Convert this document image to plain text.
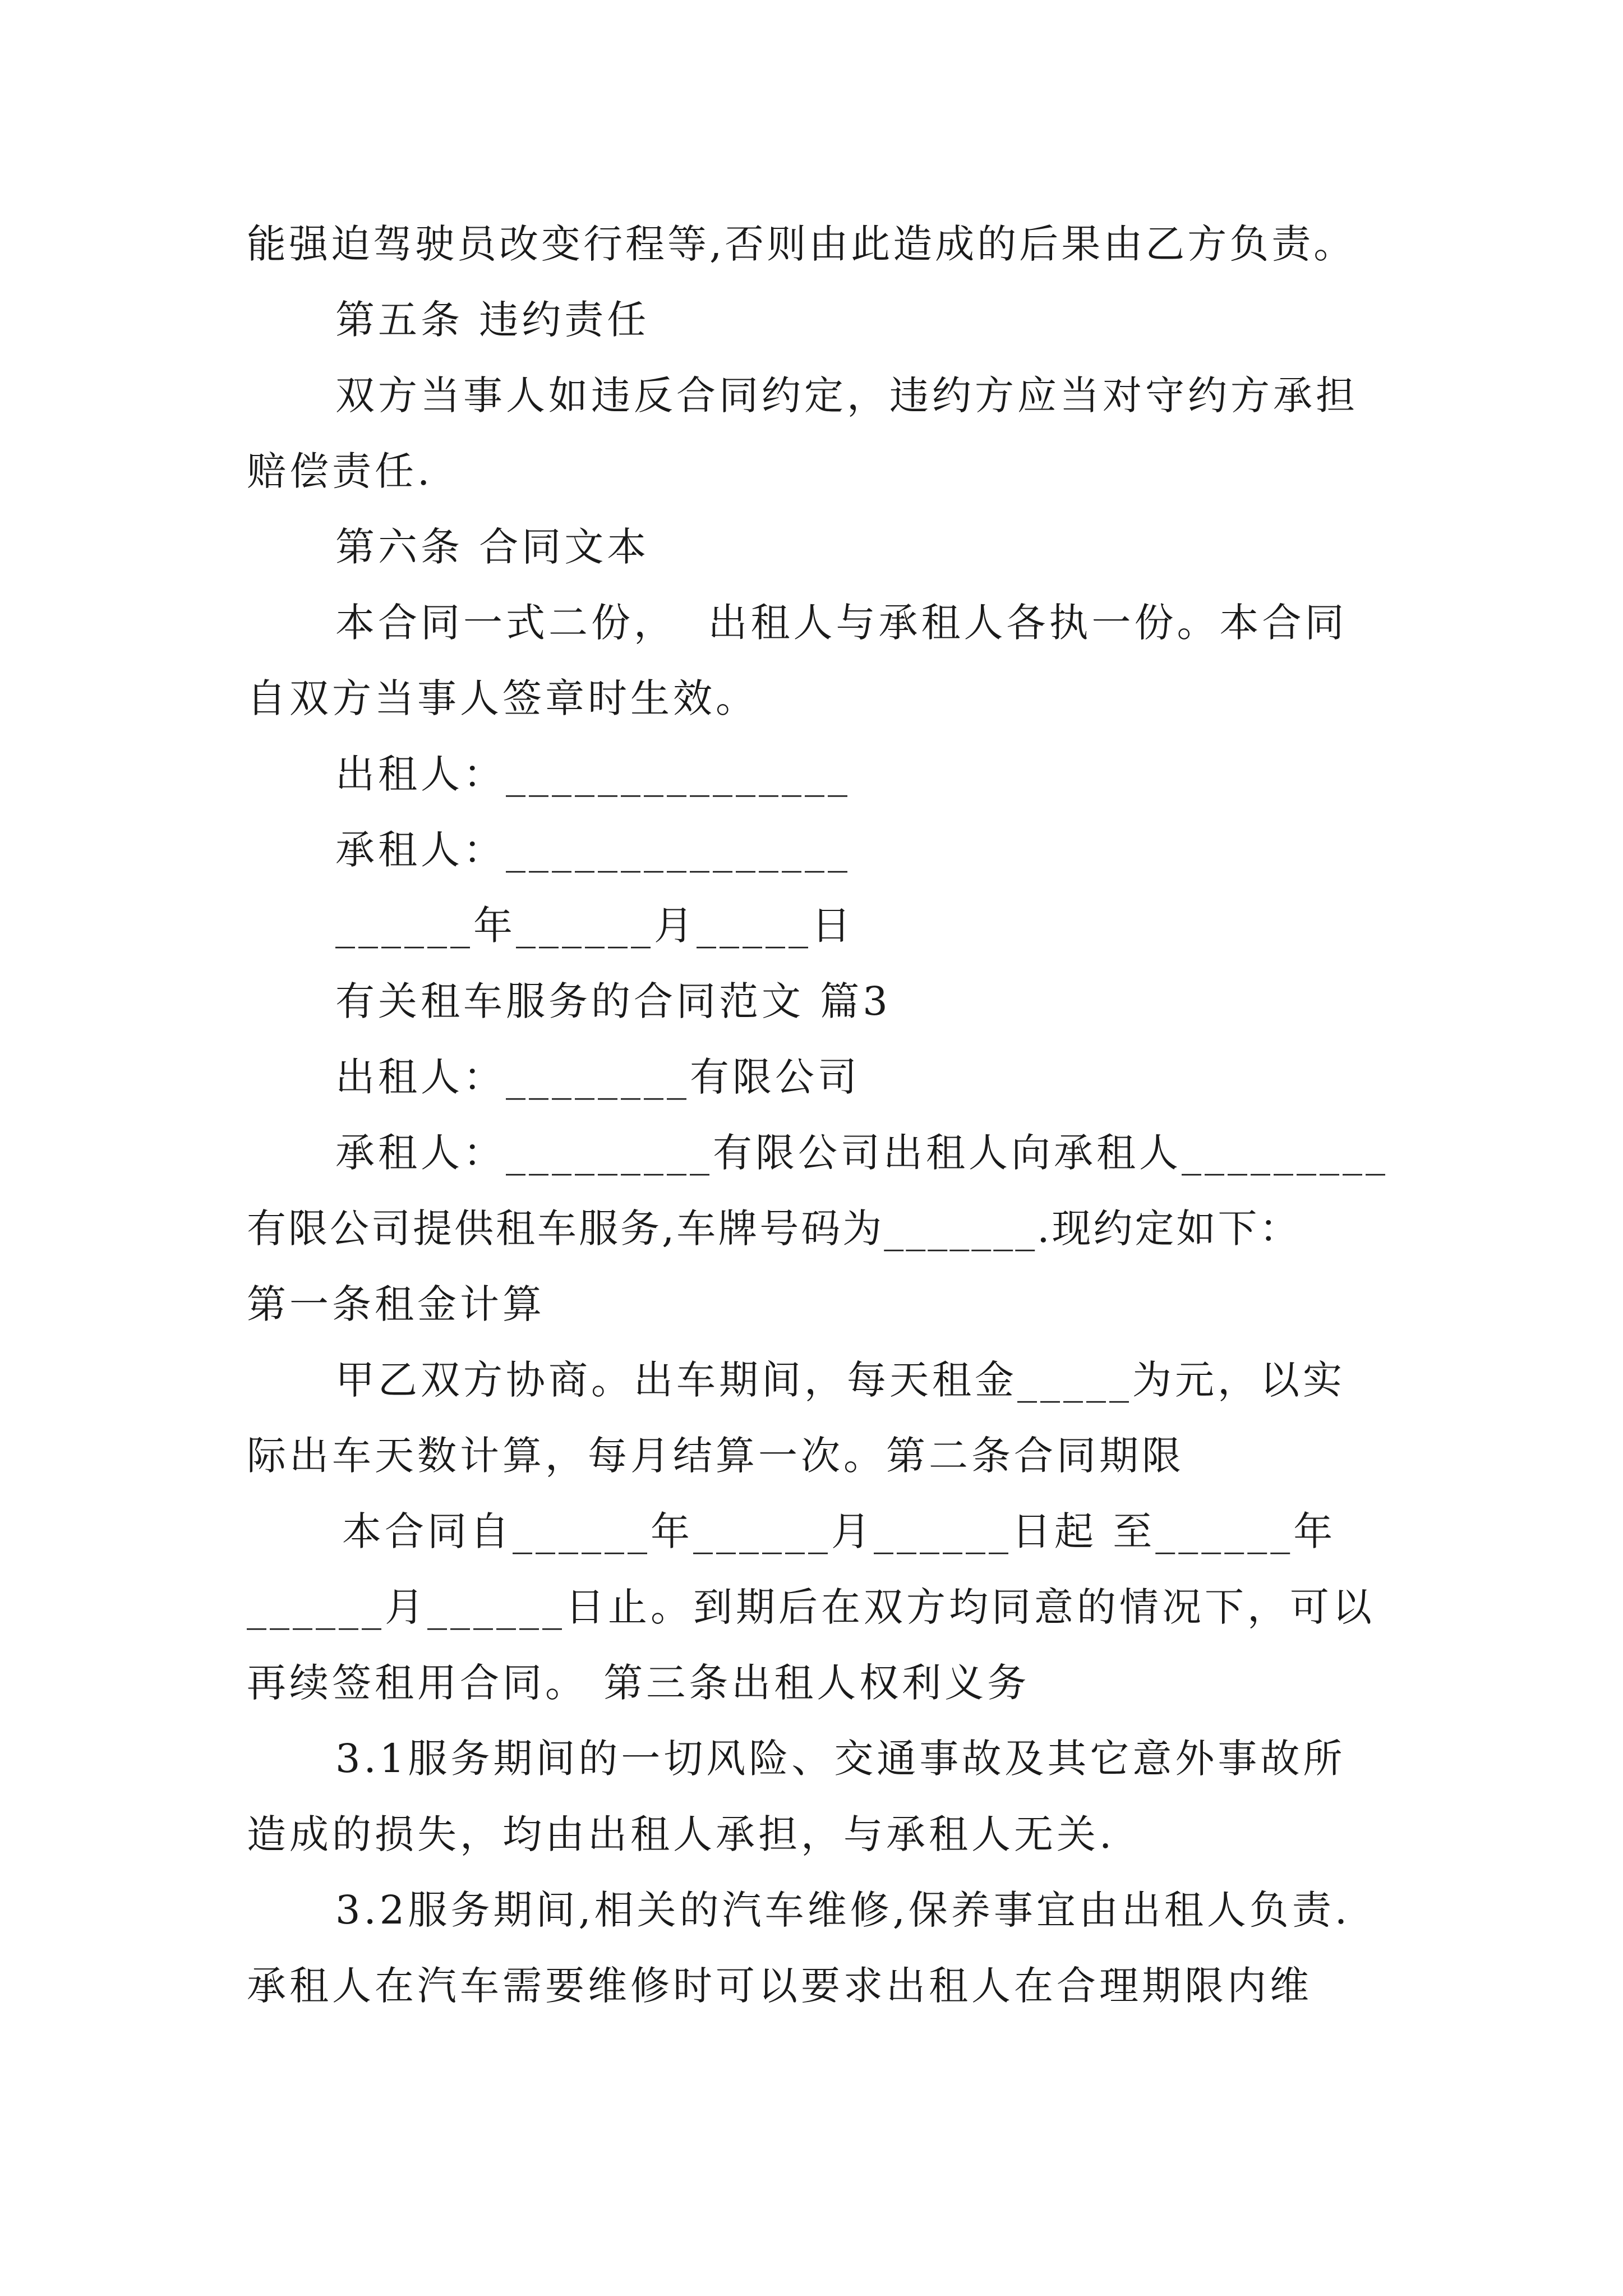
能强迫驾驶员改变行程等,否则由此造成的后果由乙方负责。
第五条 违约责任
双方当事人如违反合同约定，违约方应当对守约方承担
赔偿责任.
第六条 合同文本
本合同一式二份，  出租人与承租人各执一份。本合同
自双方当事人签章时生效。
出租人：_______________
承租人：_______________
______年______月_____日
有关租车服务的合同范文 篇3
出租人：________有限公司
承租人：_________有限公司出租人向承租人_________
有限公司提供租车服务,车牌号码为_______.现约定如下：
第一条租金计算
甲乙双方协商。出车期间，每天租金_____为元，以实
际出车天数计算，每月结算一次。第二条合同期限
本合同自______年______月______日起 至______年
______月______日止。到期后在双方均同意的情况下，可以
再续签租用合同。 第三条出租人权利义务
3.1服务期间的一切风险、交通事故及其它意外事故所
造成的损失，均由出租人承担，与承租人无关.
3.2服务期间,相关的汽车维修,保养事宜由出租人负责.
承租人在汽车需要维修时可以要求出租人在合理期限内维
